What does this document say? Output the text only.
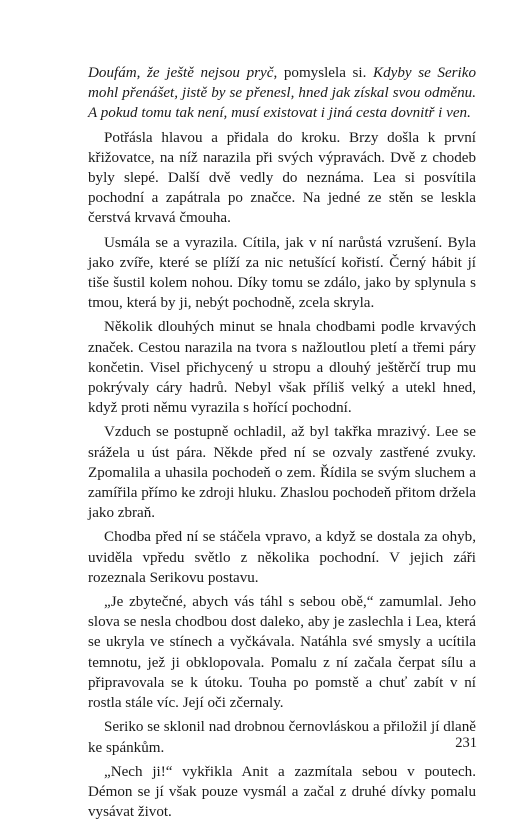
Doufám, že ještě nejsou pryč, pomyslela si. Kdyby se Seriko mohl přenášet, jistě by se přenesl, hned jak získal svou odměnu. A pokud tomu tak není, musí existovat i jiná cesta dovnitř i ven.

Potřásla hlavou a přidala do kroku. Brzy došla k první křižovatce, na níž narazila při svých výpravách. Dvě z chodeb byly slepé. Další dvě vedly do neznáma. Lea si posvítila pochodní a zapátrala po značce. Na jedné ze stěn se leskla čerstvá krvavá čmouha.

Usmála se a vyrazila. Cítila, jak v ní narůstá vzrušení. Byla jako zvíře, které se plíží za nic netušící kořistí. Černý hábit jí tiše šustil kolem nohou. Díky tomu se zdálo, jako by splynula s tmou, která by ji, nebýt pochodně, zcela skryla.

Několik dlouhých minut se hnala chodbami podle krvavých značek. Cestou narazila na tvora s nažloutlou pletí a třemi páry končetin. Visel přichycený u stropu a dlouhý ještěrčí trup mu pokrývaly cáry hadrů. Nebyl však příliš velký a utekl hned, když proti němu vyrazila s hořící pochodní.

Vzduch se postupně ochladil, až byl takřka mrazivý. Lee se srážela u úst pára. Někde před ní se ozvaly zastřené zvuky. Zpomalila a uhasila pochodeň o zem. Řídila se svým sluchem a zamířila přímo ke zdroji hluku. Zhaslou pochodeň přitom držela jako zbraň.

Chodba před ní se stáčela vpravo, a když se dostala za ohyb, uviděla vpředu světlo z několika pochodní. V jejich záři rozeznala Serikovu postavu.

„Je zbytečné, abych vás táhl s sebou obě,“ zamumlal. Jeho slova se nesla chodbou dost daleko, aby je zaslechla i Lea, která se ukryla ve stínech a vyčkávala. Natáhla své smysly a ucítila temnotu, jež ji obklopovala. Pomalu z ní začala čerpat sílu a připravovala se k útoku. Touha po pomstě a chuť zabít v ní rostla stále víc. Její oči zčernaly.

Seriko se sklonil nad drobnou černovláskou a přiložil jí dlaně ke spánkům.

„Nech ji!“ vykřikla Anit a zazmítala sebou v poutech. Démon se jí však pouze vysmál a začal z druhé dívky pomalu vysávat život.

231
